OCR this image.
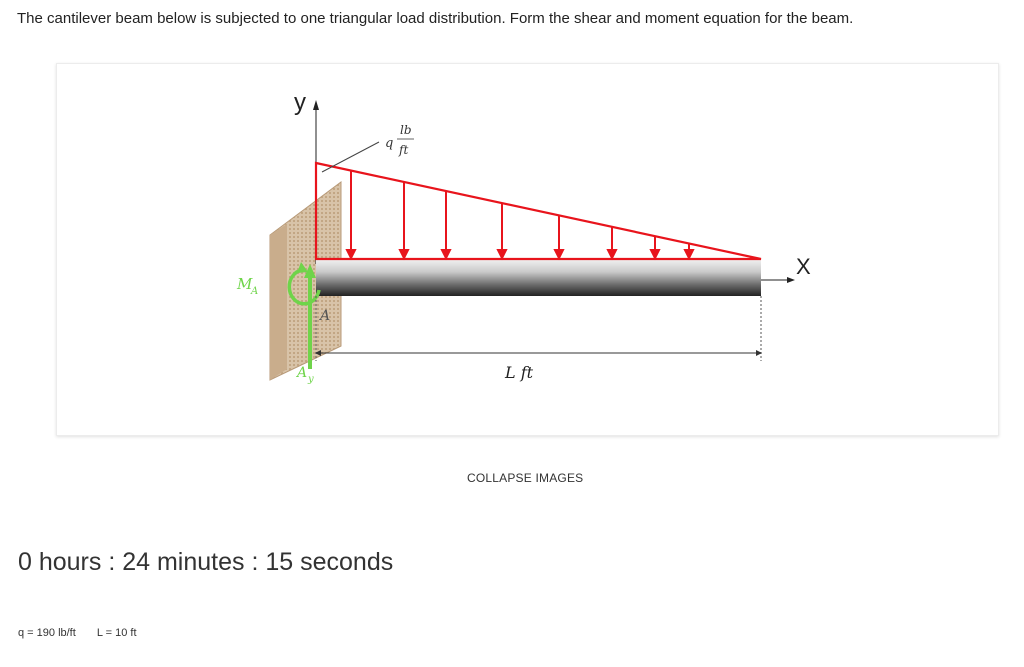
The cantilever beam below is subjected to one triangular load distribution. Form the shear and moment equation for the beam.
y
q
lb
ft
X
M
A
A
A y	L ft
COLLAPSE IMAGES
0 hours : 24 minutes : 15 seconds
q = 190 lb/ft L = 10 ft
